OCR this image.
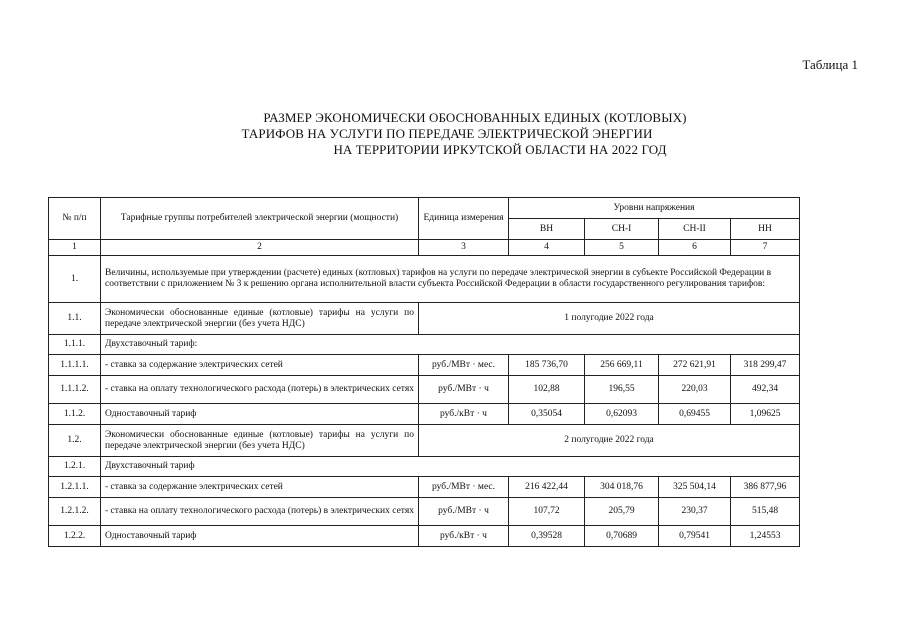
Таблица 1
РАЗМЕР ЭКОНОМИЧЕСКИ ОБОСНОВАННЫХ ЕДИНЫХ (КОТЛОВЫХ)
ТАРИФОВ НА УСЛУГИ ПО ПЕРЕДАЧЕ ЭЛЕКТРИЧЕСКОЙ ЭНЕРГИИ
НА ТЕРРИТОРИИ ИРКУТСКОЙ ОБЛАСТИ НА 2022 ГОД
№ п/п	Тарифные группы потребителей электрической энергии (мощности)	Единица измерения	Уровни напряжения			
			ВН	СН-I	СН-II	НН
1	2	3	4	5	6	7
1.	Величины, используемые при утверждении (расчете) единых (котловых) тарифов на услуги по передаче электрической энергии в субъекте Российской Федерации в соответствии с приложением № 3 к решению органа исполнительной власти субъекта Российской Федерации в области государственного регулирования тарифов:					
1.1.	Экономически обоснованные единые (котловые) тарифы на услуги по передаче электрической энергии (без учета НДС)	1 полугодие 2022 года				
1.1.1.	Двухставочный тариф:					
1.1.1.1.	- ставка за содержание электрических сетей	руб./МВт · мес.	185 736,70	256 669,11	272 621,91	318 299,47
1.1.1.2.	- ставка на оплату технологического расхода (потерь) в электрических сетях	руб./МВт · ч	102,88	196,55	220,03	492,34
1.1.2.	Одноставочный тариф	руб./кВт · ч	0,35054	0,62093	0,69455	1,09625
1.2.	Экономически обоснованные единые (котловые) тарифы на услуги по передаче электрической энергии (без учета НДС)	2 полугодие 2022 года				
1.2.1.	Двухставочный тариф					
1.2.1.1.	- ставка за содержание электрических сетей	руб./МВт · мес.	216 422,44	304 018,76	325 504,14	386 877,96
1.2.1.2.	- ставка на оплату технологического расхода (потерь) в электрических сетях	руб./МВт · ч	107,72	205,79	230,37	515,48
1.2.2.	Одноставочный тариф	руб./кВт · ч	0,39528	0,70689	0,79541	1,24553
